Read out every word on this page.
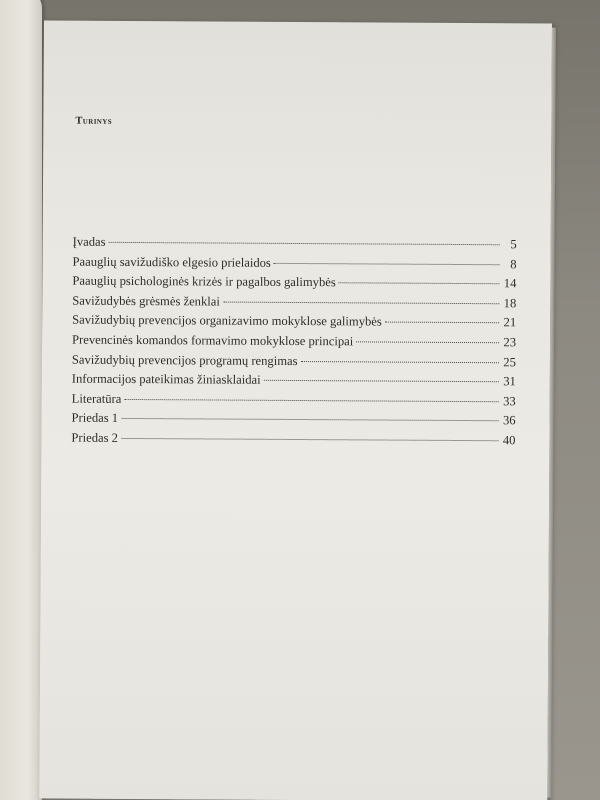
Turinys
Įvadas	5
Paauglių savižudiško elgesio prielaidos	8
Paauglių psichologinės krizės ir pagalbos galimybės	14
Savižudybės grėsmės ženklai	18
Savižudybių prevencijos organizavimo mokyklose galimybės	21
Prevencinės komandos formavimo mokyklose principai	23
Savižudybių prevencijos programų rengimas	25
Informacijos pateikimas žiniasklaidai	31
Literatūra	33
Priedas 1	36
Priedas 2	40
